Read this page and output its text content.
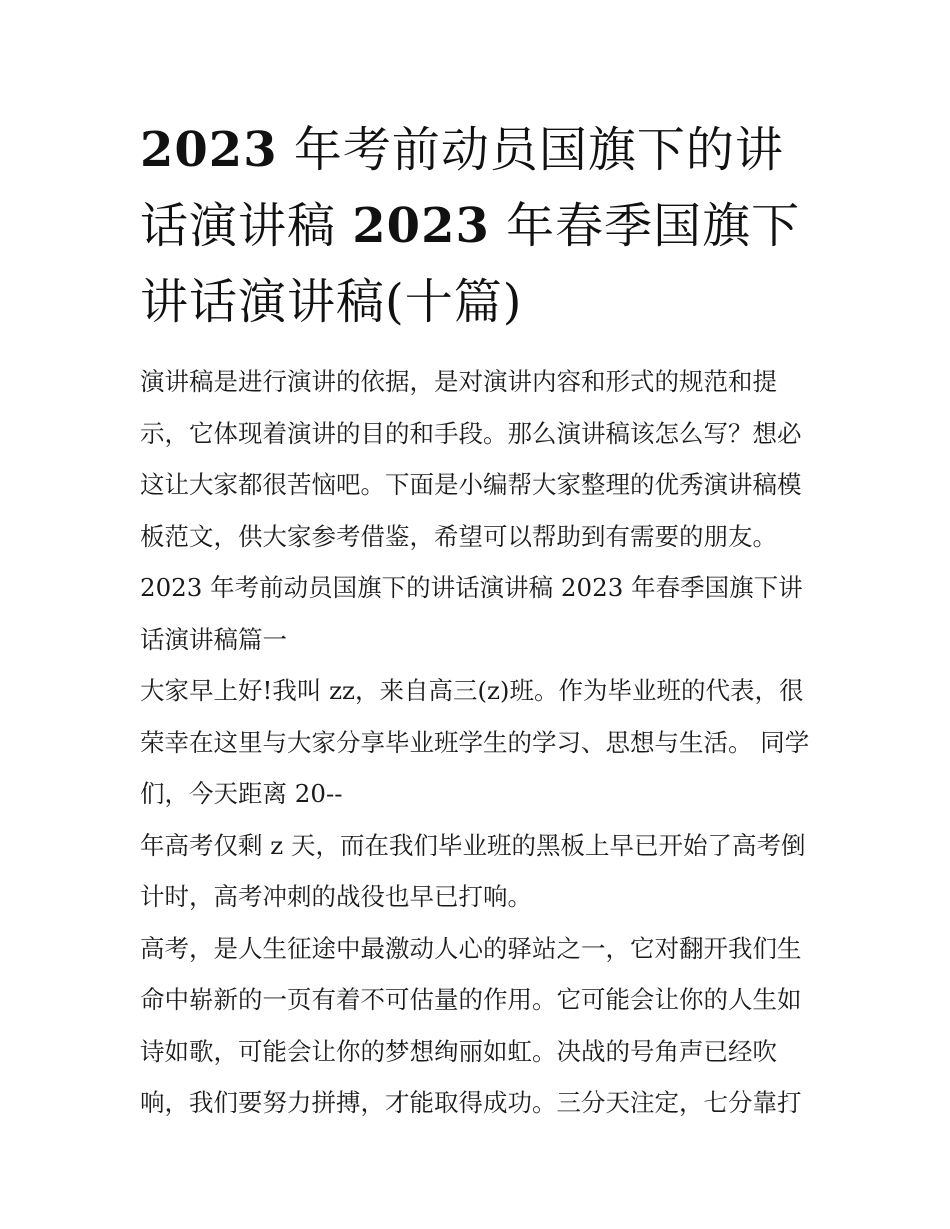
2023 年考前动员国旗下的讲话演讲稿 2023 年春季国旗下讲话演讲稿(十篇)

演讲稿是进行演讲的依据，是对演讲内容和形式的规范和提示，它体现着演讲的目的和手段。那么演讲稿该怎么写？想必这让大家都很苦恼吧。下面是小编帮大家整理的优秀演讲稿模板范文，供大家参考借鉴，希望可以帮助到有需要的朋友。

2023 年考前动员国旗下的讲话演讲稿 2023 年春季国旗下讲话演讲稿篇一

大家早上好!我叫 zz，来自高三(z)班。作为毕业班的代表，很荣幸在这里与大家分享毕业班学生的学习、思想与生活。 同学们，今天距离 20--

年高考仅剩 z 天，而在我们毕业班的黑板上早已开始了高考倒计时，高考冲刺的战役也早已打响。

高考，是人生征途中最激动人心的驿站之一，它对翻开我们生命中崭新的一页有着不可估量的作用。它可能会让你的人生如诗如歌，可能会让你的梦想绚丽如虹。决战的号角声已经吹响，我们要努力拼搏，才能取得成功。三分天注定，七分靠打
